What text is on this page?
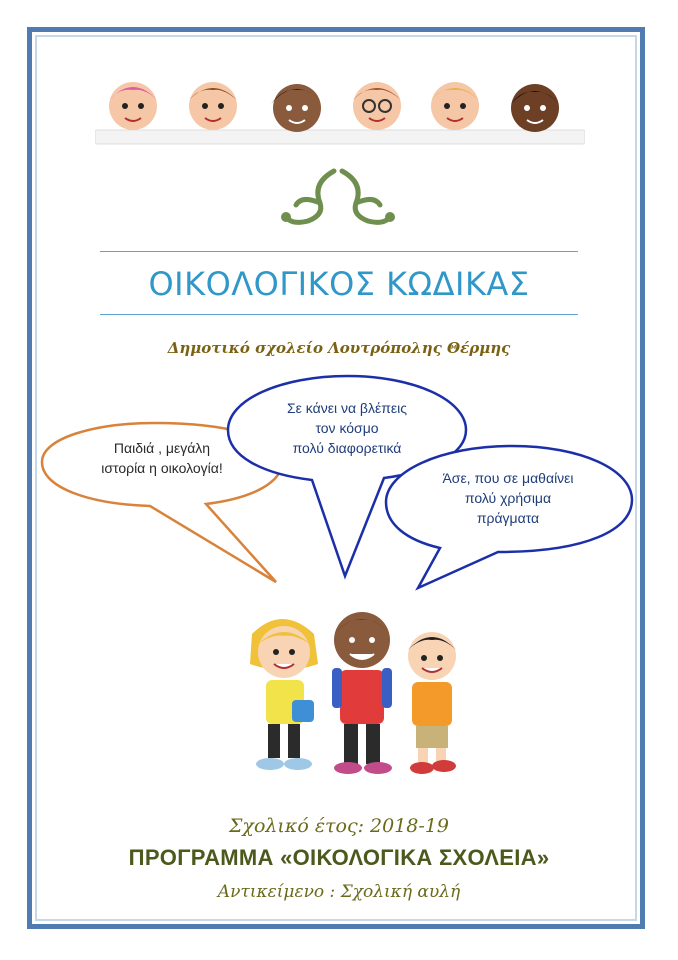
ΟΙΚΟΛΟΓΙΚΟΣ ΚΩΔΙΚΑΣ
Δημοτικό σχολείο Λουτρόπολης Θέρμης
Παιδιά , μεγάλη
ιστορία η οικολογία!
Σε κάνει να βλέπεις
τον κόσμο
πολύ διαφορετικά
Άσε, που σε μαθαίνει
πολύ χρήσιμα
πράγματα
Σχολικό έτος: 2018-19
ΠΡΟΓΡΑΜΜΑ «ΟΙΚΟΛΟΓΙΚΑ ΣΧΟΛΕΙΑ»
Αντικείμενο : Σχολική αυλή
